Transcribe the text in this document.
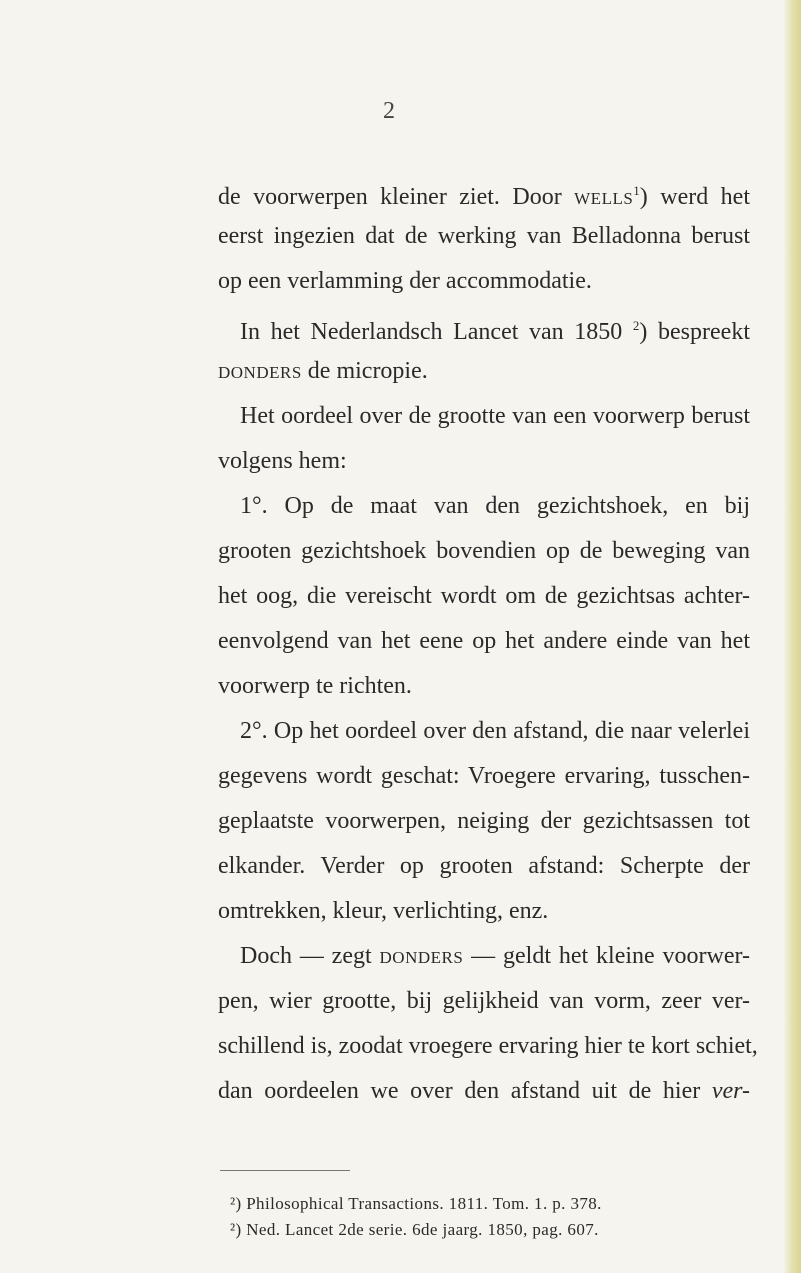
2
de voorwerpen kleiner ziet. Door wells$^1$) werd het
eerst ingezien dat de werking van Belladonna berust
op een verlamming der accommodatie.
In het Nederlandsch Lancet van 1850 $^2$) bespreekt
donders de micropie.
Het oordeel over de grootte van een voorwerp berust
volgens hem:
1°. Op de maat van den gezichtshoek, en bij
grooten gezichtshoek bovendien op de beweging van
het oog, die vereischt wordt om de gezichtsas achter-
eenvolgend van het eene op het andere einde van het
voorwerp te richten.
2°. Op het oordeel over den afstand, die naar velerlei
gegevens wordt geschat: Vroegere ervaring, tusschen-
geplaatste voorwerpen, neiging der gezichtsassen tot
elkander. Verder op grooten afstand: Scherpte der
omtrekken, kleur, verlichting, enz.
Doch — zegt donders — geldt het kleine voorwer-
pen, wier grootte, bij gelijkheid van vorm, zeer ver-
schillend is, zoodat vroegere ervaring hier te kort schiet,
dan oordeelen we over den afstand uit de hier ver-
²) Philosophical Transactions. 1811. Tom. 1. p. 378.
²) Ned. Lancet 2de serie. 6de jaarg. 1850, pag. 607.
